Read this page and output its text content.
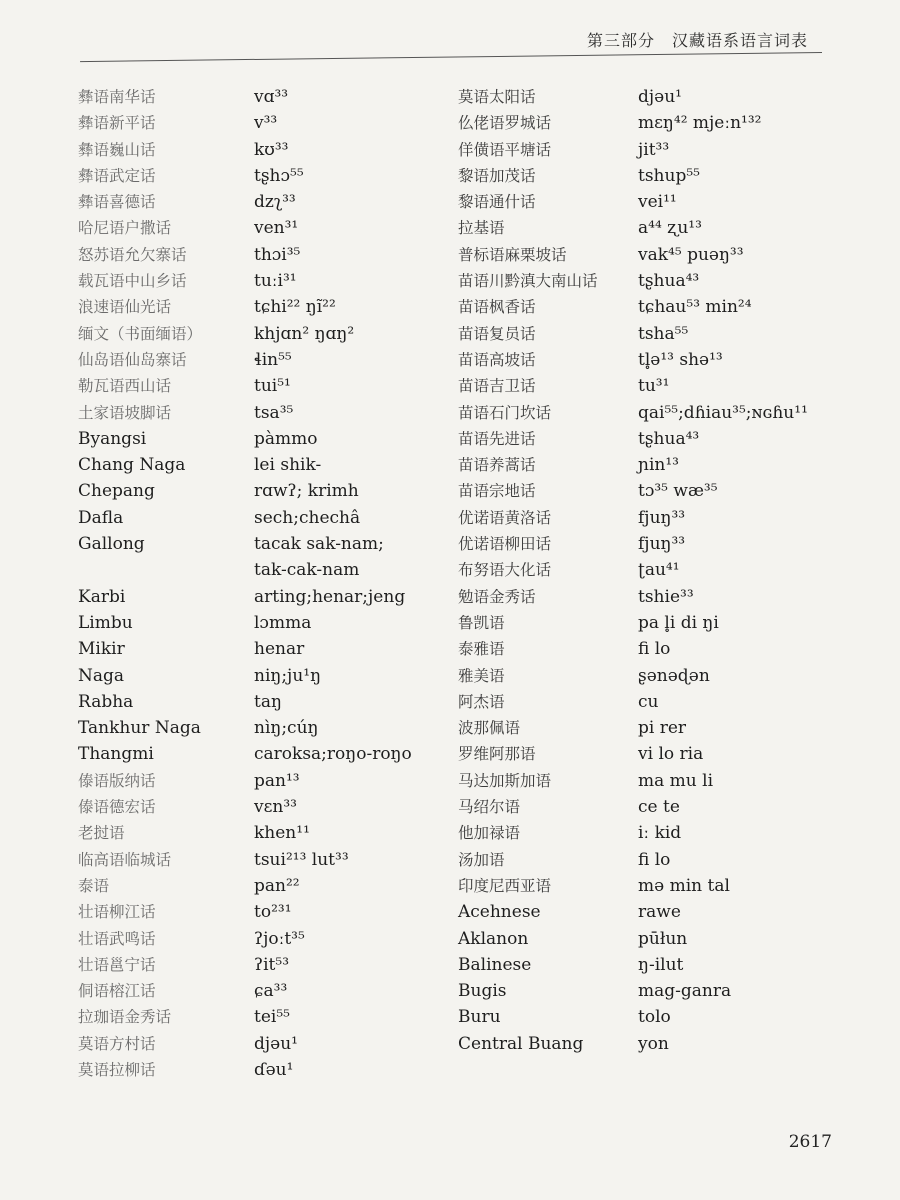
第三部分　汉藏语系语言词表
彝语南华话	vɑ³³
彝语新平话	v³³
彝语巍山话	kʊ³³
彝语武定话	tʂhɔ⁵⁵
彝语喜德话	dzʅ³³
哈尼语户撒话	ven³¹
怒苏语允欠寨话	thɔi³⁵
载瓦语中山乡话	tuːi³¹
浪速语仙光话	tɕhi²² ŋĩ²²
缅文（书面缅语）	khjɑn² ŋɑŋ²
仙岛语仙岛寨话	ɬin⁵⁵
勒瓦语西山话	tui⁵¹
土家语坡脚话	tsa³⁵
Byangsi	pàmmo
Chang Naga	lei shik-
Chepang	rɑwʔ; krimh
Dafla	sech;chechâ
Gallong	tacak sak-nam;
tak-cak-nam
Karbi	arting;henar;jeng
Limbu	lɔmma
Mikir	henar
Naga	niŋ;ju¹ŋ
Rabha	taŋ
Tankhur Naga	nìŋ;cúŋ
Thangmi	caroksa;roŋo-roŋo
傣语版纳话	pan¹³
傣语德宏话	vɛn³³
老挝语	khen¹¹
临高语临城话	tsui²¹³ lut³³
泰语	pan²²
壮语柳江话	to²³¹
壮语武鸣话	ʔjoːt³⁵
壮语邕宁话	ʔit⁵³
侗语榕江话	ɕa³³
拉珈语金秀话	tei⁵⁵
莫语方村话	djəu¹
莫语拉柳话	ɗəu¹
莫语太阳话	djəu¹
仫佬语罗城话	mɛŋ⁴² mjeːn¹³²
佯僙语平塘话	jit³³
黎语加茂话	tshup⁵⁵
黎语通什话	vei¹¹
拉基语	a⁴⁴ ʐu¹³
普标语麻栗坡话	vak⁴⁵ puəŋ³³
苗语川黔滇大南山话	tʂhua⁴³
苗语枫香话	tɕhau⁵³ min²⁴
苗语复员话	tsha⁵⁵
苗语高坡话	tl̥ə¹³ shə¹³
苗语吉卫话	tu³¹
苗语石门坎话	qai⁵⁵;dɦiau³⁵;ɴɢɦu¹¹
苗语先进话	tʂhua⁴³
苗语养蒿话	ɲin¹³
苗语宗地话	tɔ³⁵ wæ³⁵
优诺语黄洛话	fjuŋ³³
优诺语柳田话	fjuŋ³³
布努语大化话	ʈau⁴¹
勉语金秀话	tshie³³
鲁凯语	pa l̥i di ŋi
泰雅语	fi lo
雅美语	ʂənəɖən
阿杰语	cu
波那佩语	pi rer
罗维阿那语	vi lo ria
马达加斯加语	ma mu li
马绍尔语	ce te
他加禄语	iː kid
汤加语	fi lo
印度尼西亚语	mə min tal
Acehnese	rawe
Aklanon	pūłun
Balinese	ŋ-ilut
Bugis	mag-ganra
Buru	tolo
Central Buang	yon
2617
